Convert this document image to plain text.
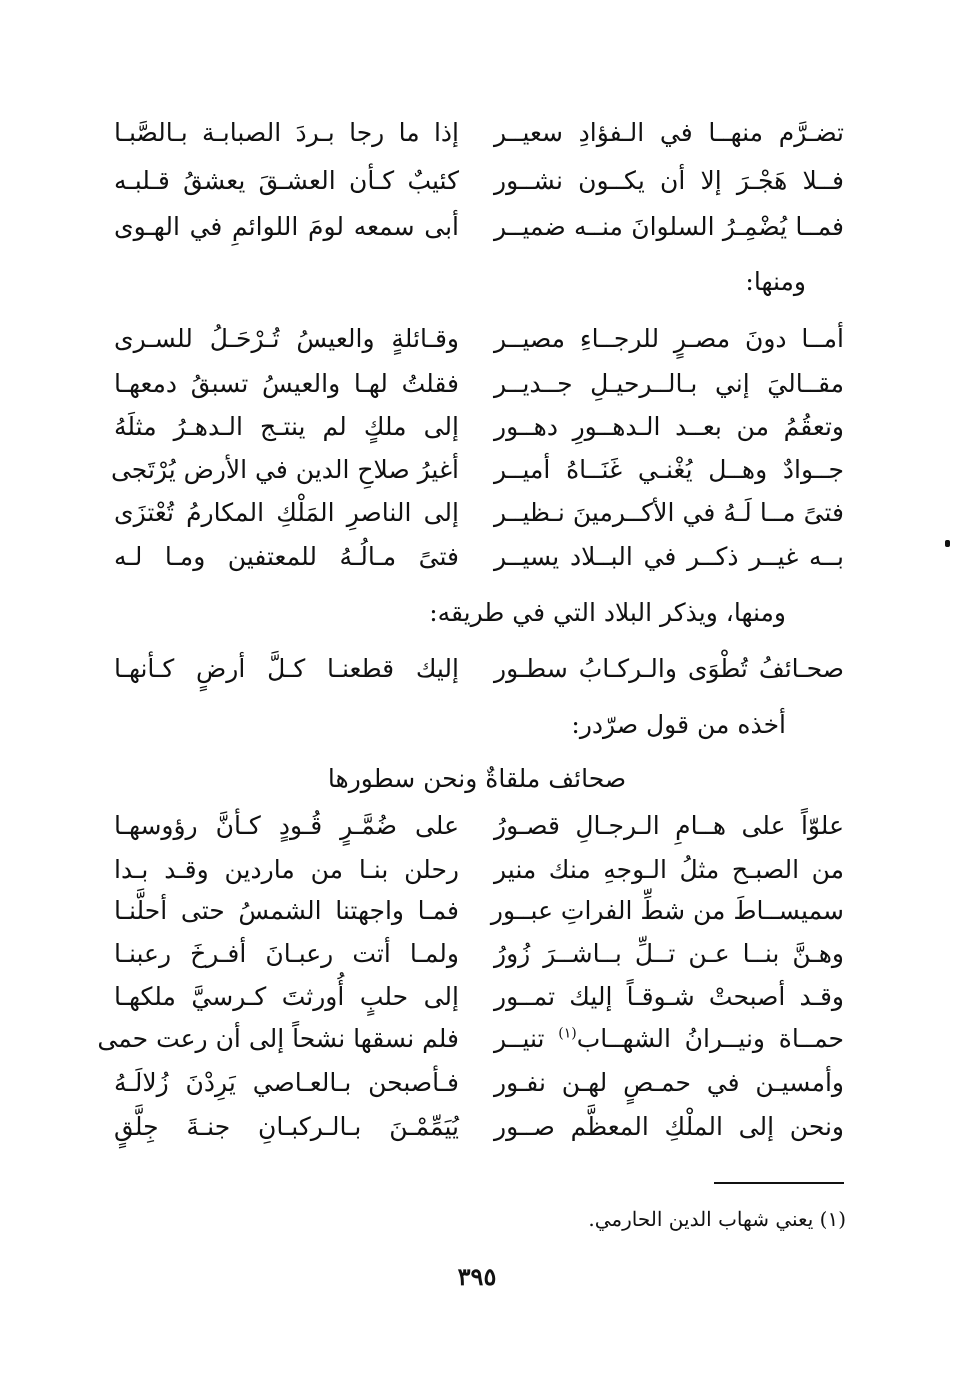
إذا ما رجا بـردَ الصبابـة بـالصَّبـا تضـرَّم منهــا في الـفؤادِ سعيــر
كئيبٌ كـأن العشـقَ يعشقُ قـلبـه فــلا هَجْـرَ إلا أن يكــون نشــور
أبى سمعه لومَ اللوائمِ في الهـوى فمــا يُضْمِـرُ السلوانَ منــه ضميــر
ومنها:
وقـائلةٍ والعيسُ تُـرْحَـلُ للسـرى أمــا دونَ مصـرٍ للرجــاءِ مصيــر
فقلتُ لهـا والعيسُ تسبقُ دمعهـا مقــاليَ إني بـالــرحيـلِ جــديــر
إلى ملكٍ لم ينتـج الـدهـرُ مثلَهُ وتعقُمُ من بعــد الـدهــورِ دهــور
أغيرُ صلاحِ الدين في الأرض يُرْتَجى جــوادٌ وهــل يُغْنـي غَنَــاهُ أميــر
إلى الناصرِ المَلْكِ المكارمُ تُعْتزَى فتىً مــا لَـهُ في الأكــرمينَ نـظيــر
فتىً مـالُـهُ للمعتفين ومـا لـه بــه غيــر ذكــر في البــلاد يسيــر
ومنها، ويذكر البلاد التي في طريقه:
إليك قطعنـا كـلَّ أرضٍ كـأنهـا صحـائفُ تُطْوَى والـركـابُ سطـور
أخذه من قول صرّدر:
صحائف ملقاةٌ ونحن سطورها
على ضُمَّـرٍ قُـودٍ كـأنَّ رؤوسهـا علوّاً على هــامِ الـرجـالِ قصـورُ
رحلن بنـا من ماردين وقـد بـدا من الصبـح مثلُ الـوجهِ منك منير
فمـا واجهتنا الشمسُ حتى أحلَّنـا سميســاطَ من شطِّ الفراتِ عبــور
ولمـا أتت رعبـانَ أفـرخَ رعبنـا وهـنَّ بنــا عـن تــلِّ بــاشــرَ زُورُ
إلى حلبٍ أُورثتَ كـرسيَّ ملكهـا وقـد أصبحتْ شـوقـاً إليك تمــور
فلم نسقها نشحاً إلى أن رعت حمى	حمــاة ونيــرانُ الشهــاب$^{(١)}$ تنيــر
فـأصبحن بـالعـاصي يَرِدْنَ زُلالَـهُ وأمسيـن في حمـصٍ لهـن نفـور
يُيَمِّمْـنَ بـالـركبـانِ جنـةَ جِلَّقٍ ونحن إلى الملْكِ المعظَّم صــور
(١) يعني شهاب الدين الحارمي.
٣٩٥
